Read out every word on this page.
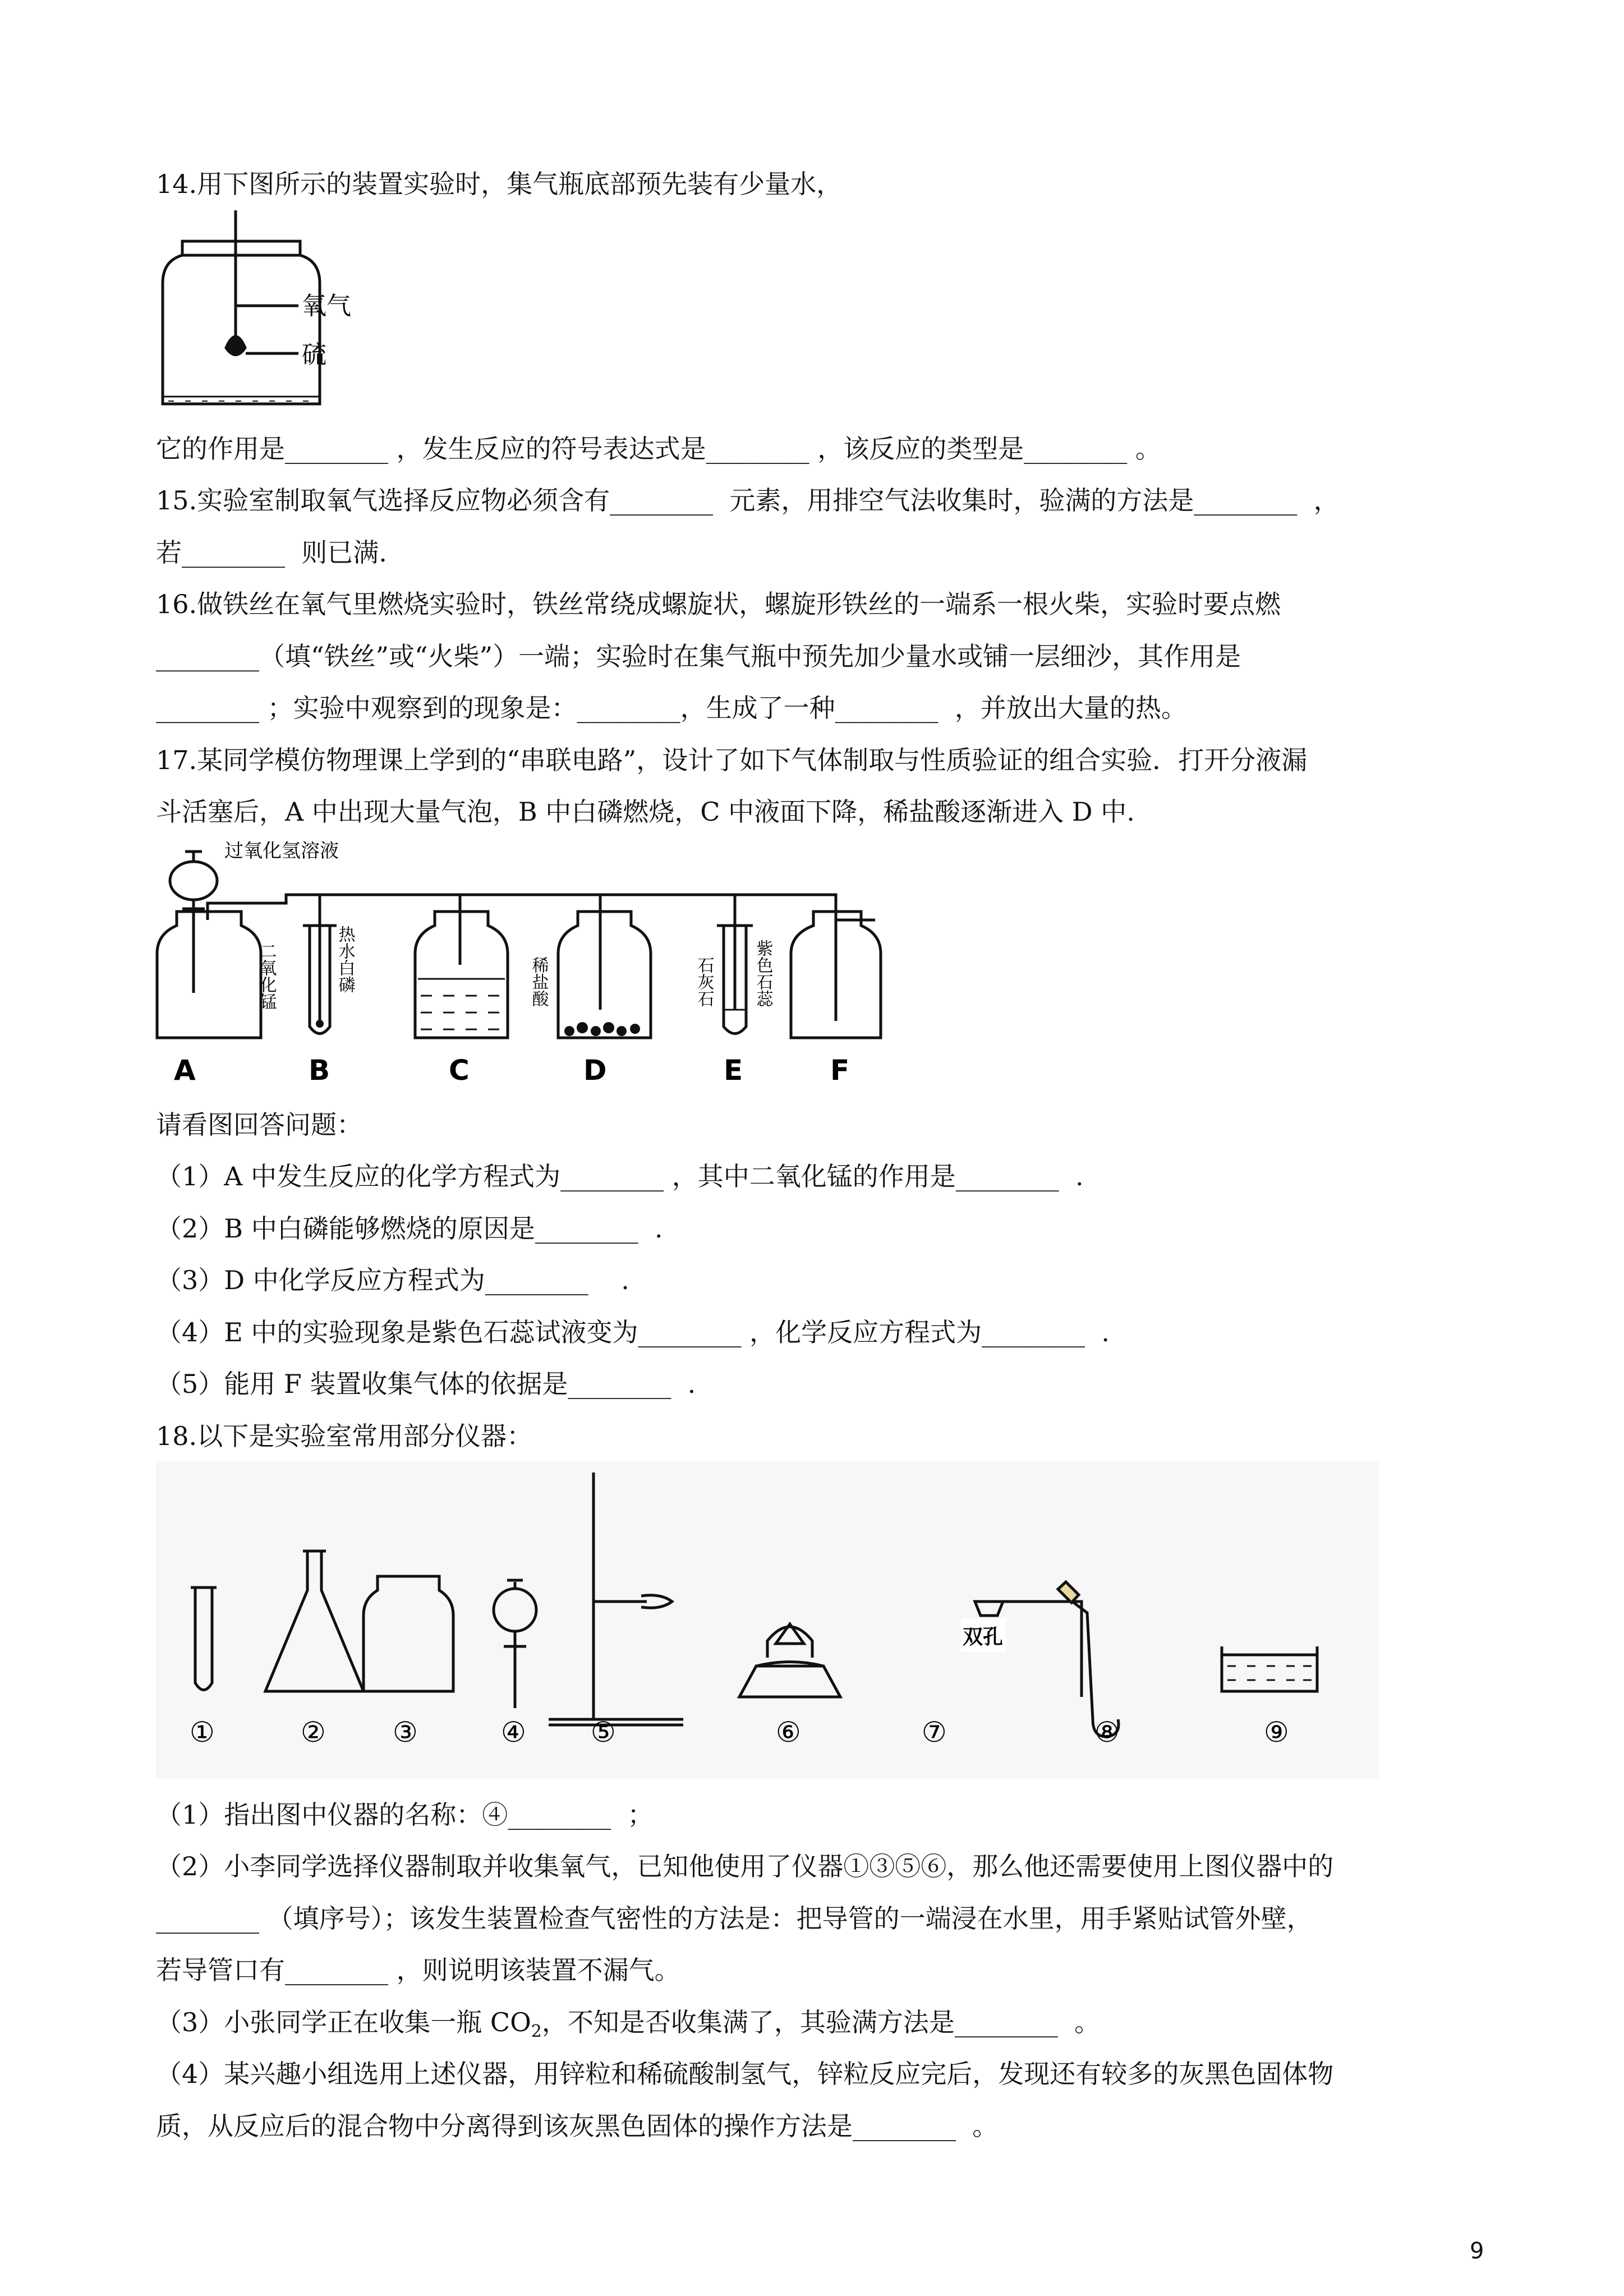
14.用下图所示的装置实验时，集气瓶底部预先装有少量水，
氧气
硫
它的作用是________ ，发生反应的符号表达式是________ ，该反应的类型是________ 。
15.实验室制取氧气选择反应物必须含有________  元素，用排空气法收集时，验满的方法是________  ，
若________  则已满.
16.做铁丝在氧气里燃烧实验时，铁丝常绕成螺旋状，螺旋形铁丝的一端系一根火柴，实验时要点燃
________（填“铁丝”或“火柴”）一端；实验时在集气瓶中预先加少量水或铺一层细沙，其作用是
________ ；实验中观察到的现象是：________，生成了一种________  ，并放出大量的热。
17.某同学模仿物理课上学到的“串联电路”，设计了如下气体制取与性质验证的组合实验．打开分液漏
斗活塞后，A 中出现大量气泡，B 中白磷燃烧，C 中液面下降，稀盐酸逐渐进入 D 中.
过氧化氢溶液
二氧化锰	热水白磷	稀盐酸	石灰石 紫色石蕊
A	B	C	D	E	F
请看图回答问题：
（1）A 中发生反应的化学方程式为________ ，其中二氧化锰的作用是________  .
（2）B 中白磷能够燃烧的原因是________  .
（3）D 中化学反应方程式为________    .
（4）E 中的实验现象是紫色石蕊试液变为________ ，化学反应方程式为________  .
（5）能用 F 装置收集气体的依据是________  .
18.以下是实验室常用部分仪器：
双孔
①	② ③	④ ⑤	⑥	⑦	⑧	⑨
（1）指出图中仪器的名称：④________  ；
（2）小李同学选择仪器制取并收集氧气，已知他使用了仪器①③⑤⑥，那么他还需要使用上图仪器中的
________ （填序号）；该发生装置检查气密性的方法是：把导管的一端浸在水里，用手紧贴试管外壁，
若导管口有________ ，则说明该装置不漏气。
（3）小张同学正在收集一瓶 $CO_2$，不知是否收集满了，其验满方法是________  。
（4）某兴趣小组选用上述仪器，用锌粒和稀硫酸制氢气，锌粒反应完后，发现还有较多的灰黑色固体物
质，从反应后的混合物中分离得到该灰黑色固体的操作方法是________  。
9
